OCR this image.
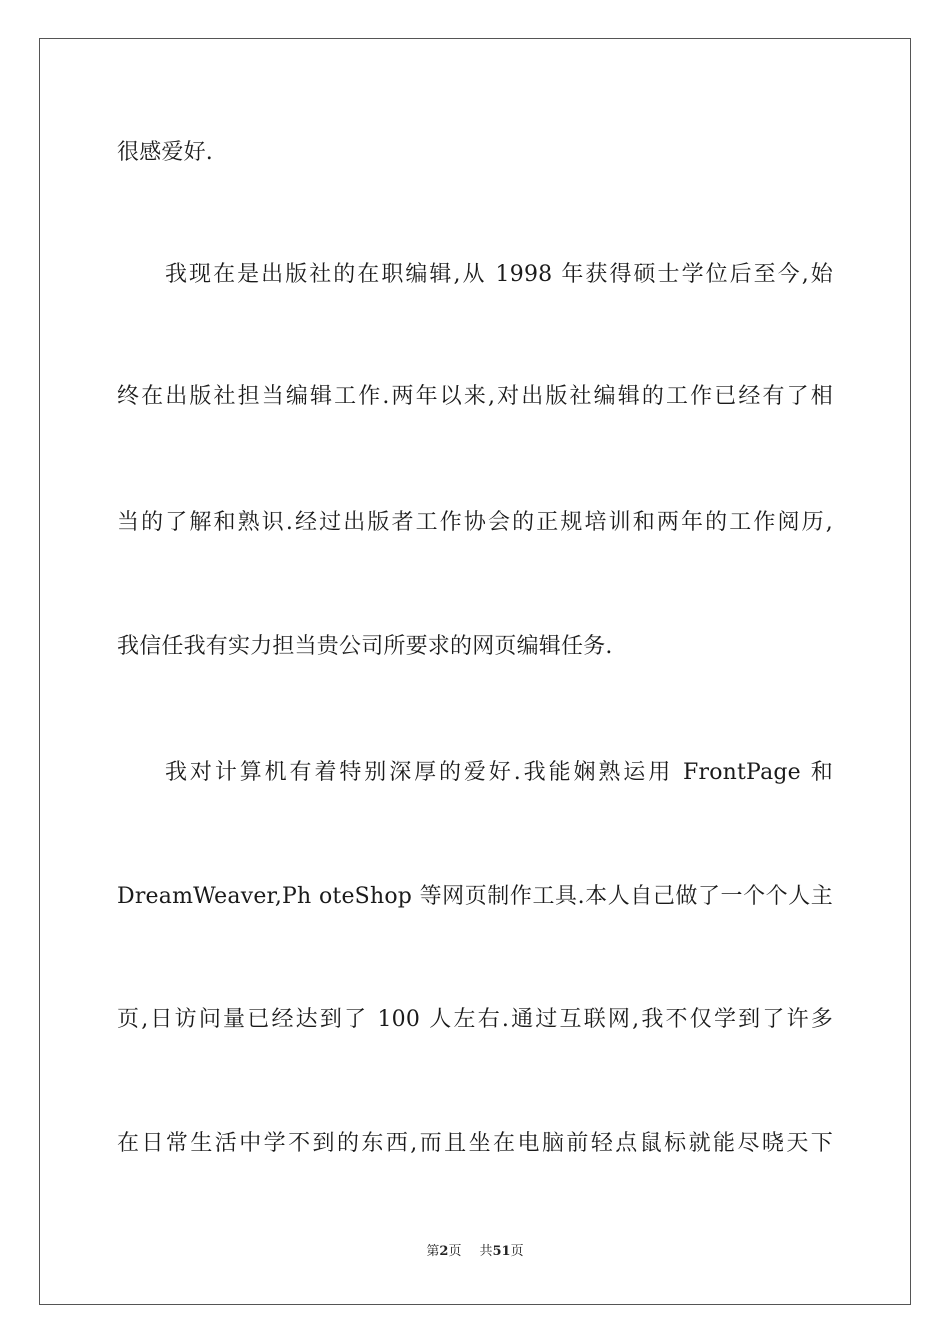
很感爱好.
我现在是出版社的在职编辑,从 1998 年获得硕士学位后至今,始
终在出版社担当编辑工作.两年以来,对出版社编辑的工作已经有了相
当的了解和熟识.经过出版者工作协会的正规培训和两年的工作阅历,
我信任我有实力担当贵公司所要求的网页编辑任务.
我对计算机有着特别深厚的爱好.我能娴熟运用 FrontPage 和
DreamWeaver,Ph oteShop 等网页制作工具.本人自己做了一个个人主
页,日访问量已经达到了 100 人左右.通过互联网,我不仅学到了许多
在日常生活中学不到的东西,而且坐在电脑前轻点鼠标就能尽晓天下
第2页 共51页
